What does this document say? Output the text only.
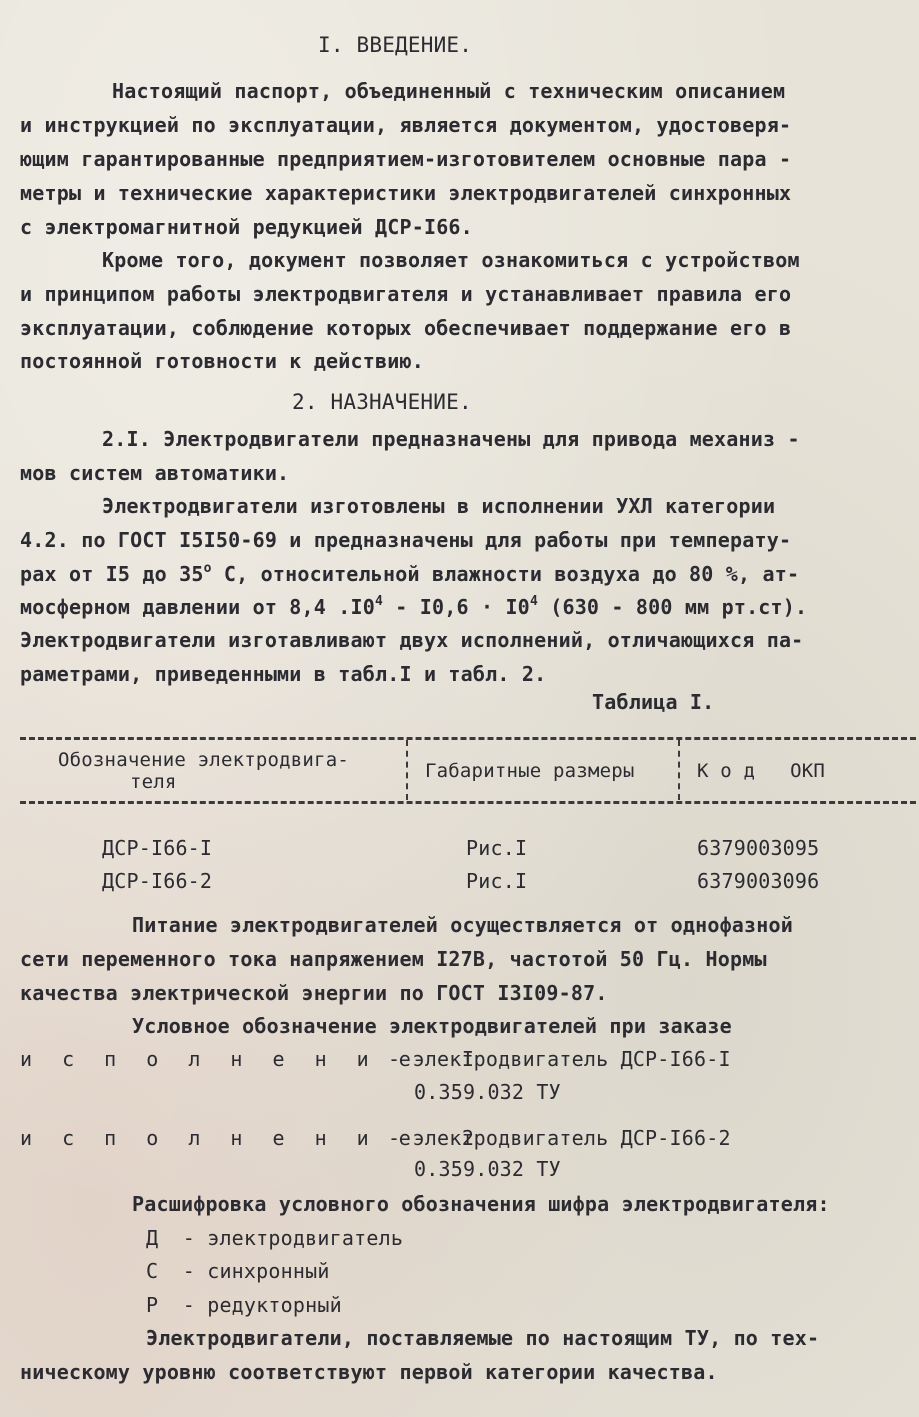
I. ВВЕДЕНИЕ.
Настоящий паспорт, объединенный с техническим описанием
и инструкцией по эксплуатации, является документом, удостоверя-
ющим гарантированные предприятием-изготовителем основные пара -
метры и технические характеристики электродвигателей синхронных
с электромагнитной редукцией ДСР-I66.
Кроме того, документ позволяет ознакомиться с устройством
и принципом работы электродвигателя и устанавливает правила его
эксплуатации, соблюдение которых обеспечивает поддержание его в
постоянной готовности к действию.
2. НАЗНАЧЕНИЕ.
2.I. Электродвигатели предназначены для привода механиз -
мов систем автоматики.
Электродвигатели изготовлены в исполнении УХЛ категории
4.2. по ГОСТ I5I50-69 и предназначены для работы при температу-
рах от I5 до $35^о$ С, относительной влажности воздуха до 80 %, ат-
мосферном давлении от 8,4 $.I0^4 - I0,6 \cdot I0^4$ (630 - 800 мм рт.ст).
Электродвигатели изготавливают двух исполнений, отличающихся па-
раметрами, приведенными в табл.I и табл. 2.
Таблица I.
Обозначение электродвига-
теля	Габаритные размеры	К о д   ОКП
ДСР-I66-I	Рис.I	6379003095
ДСР-I66-2	Рис.I	6379003096
Питание электродвигателей осуществляется от однофазной
сети переменного тока напряжением I27В, частотой 50 Гц. Нормы
качества электрической энергии по ГОСТ I3I09-87.
Условное обозначение электродвигателей при заказе
и с п о л н е н и е  I
- электродвигатель ДСР-I66-I
0.359.032 ТУ
и с п о л н е н и е  2
- электродвигатель ДСР-I66-2
0.359.032 ТУ
Расшифровка условного обозначения шифра электродвигателя:
Д  - электродвигатель
С  - синхронный
Р  - редукторный
Электродвигатели, поставляемые по настоящим ТУ, по тех-
ническому уровню соответствуют первой категории качества.
